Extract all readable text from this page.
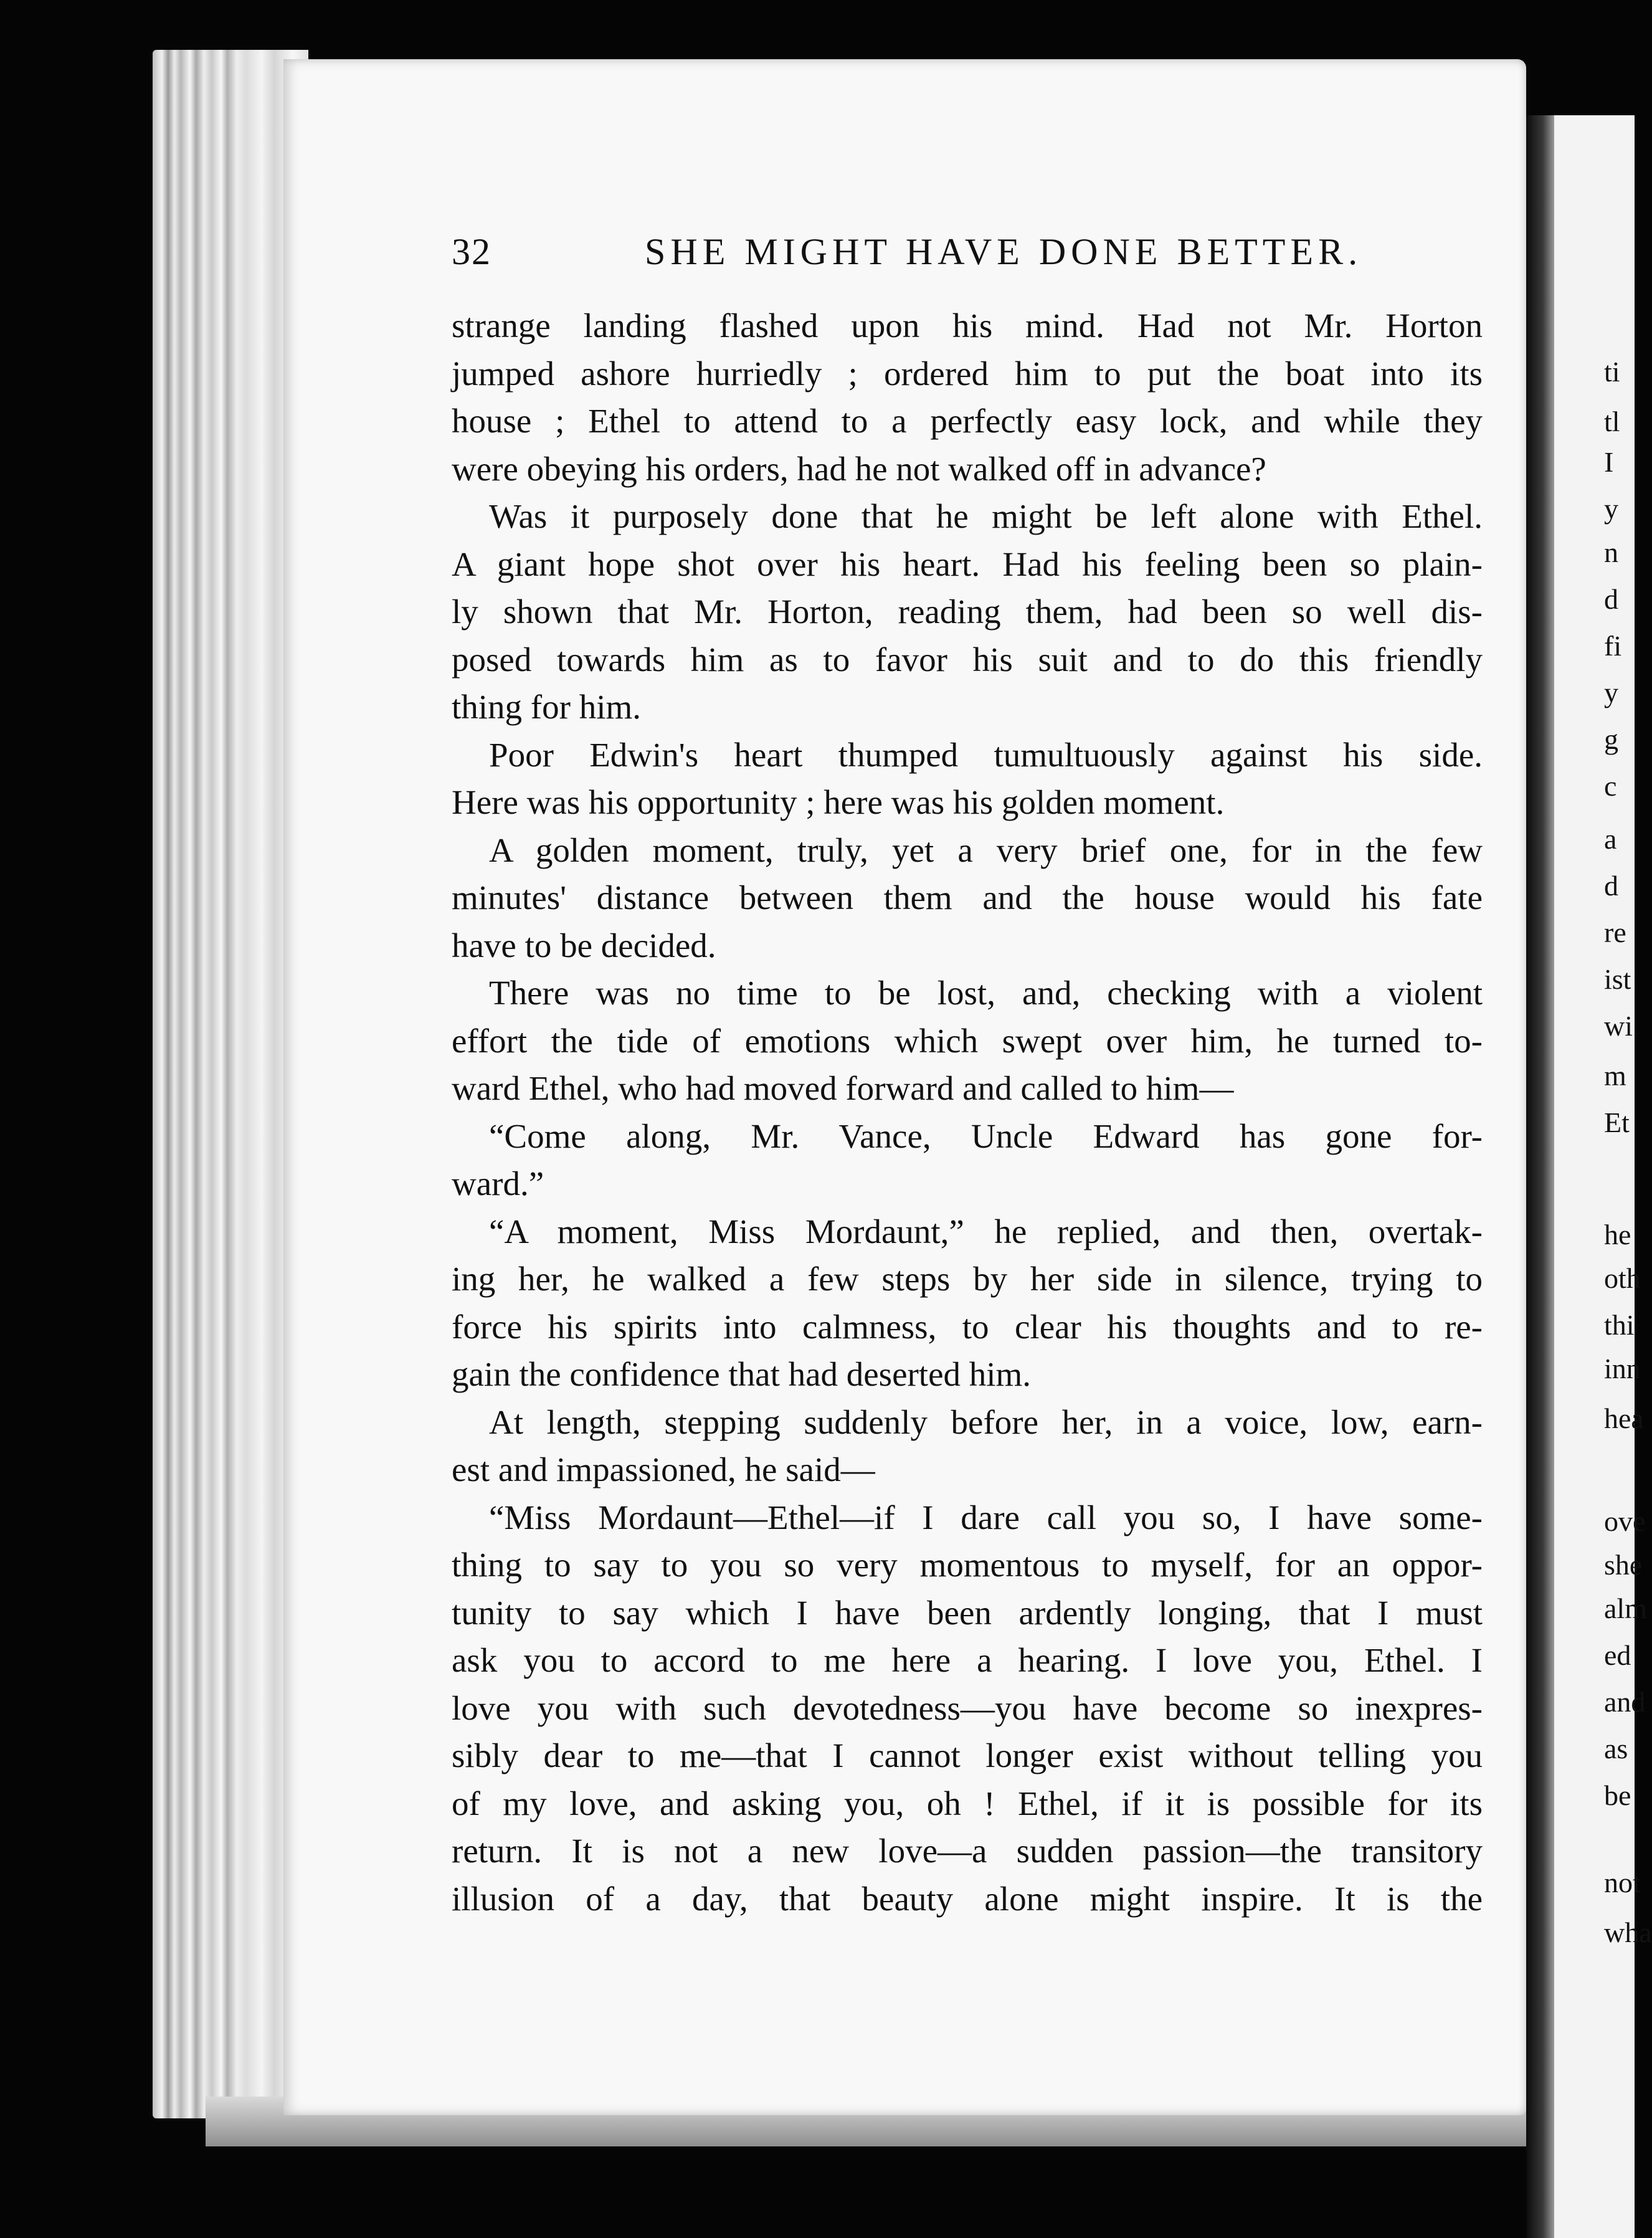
32	SHE MIGHT HAVE DONE BETTER.
strange landing flashed upon his mind. Had not Mr. Horton
jumped ashore hurriedly ; ordered him to put the boat into its
house ; Ethel to attend to a perfectly easy lock, and while they
were obeying his orders, had he not walked off in advance?
Was it purposely done that he might be left alone with Ethel.
A giant hope shot over his heart. Had his feeling been so plain-
ly shown that Mr. Horton, reading them, had been so well dis-
posed towards him as to favor his suit and to do this friendly
thing for him.
Poor Edwin's heart thumped tumultuously against his side.
Here was his opportunity ; here was his golden moment.
A golden moment, truly, yet a very brief one, for in the few
minutes' distance between them and the house would his fate
have to be decided.
There was no time to be lost, and, checking with a violent
effort the tide of emotions which swept over him, he turned to-
ward Ethel, who had moved forward and called to him—
“Come along, Mr. Vance, Uncle Edward has gone for-
ward.”
“A moment, Miss Mordaunt,” he replied, and then, overtak-
ing her, he walked a few steps by her side in silence, trying to
force his spirits into calmness, to clear his thoughts and to re-
gain the confidence that had deserted him.
At length, stepping suddenly before her, in a voice, low, earn-
est and impassioned, he said—
“Miss Mordaunt—Ethel—if I dare call you so, I have some-
thing to say to you so very momentous to myself, for an oppor-
tunity to say which I have been ardently longing, that I must
ask you to accord to me here a hearing. I love you, Ethel. I
love you with such devotedness—you have become so inexpres-
sibly dear to me—that I cannot longer exist without telling you
of my love, and asking you, oh ! Ethel, if it is possible for its
return. It is not a new love—a sudden passion—the transitory
illusion of a day, that beauty alone might inspire. It is the
ti
tl
I
y
n
d
fi
y
g
c
a
d
re
ist
wi
m
Et
he
oth
thi
inn
hea
ove
she
alm
ed
and
as
be
not
wha
